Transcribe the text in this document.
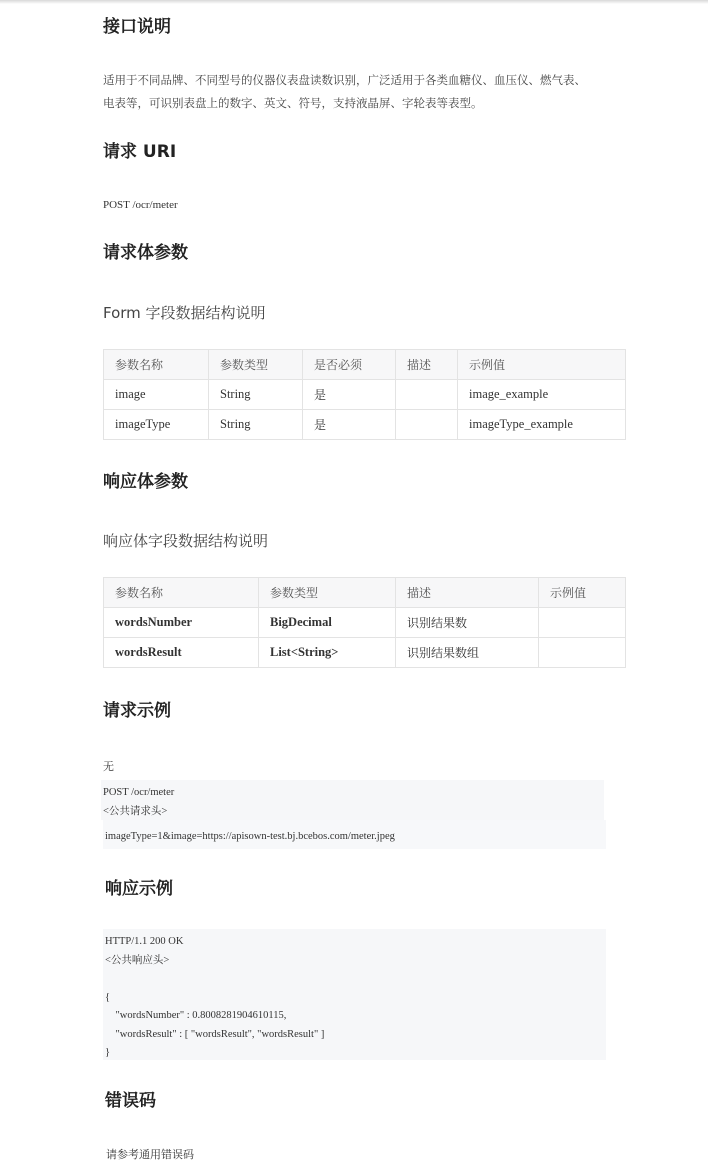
接口说明

适用于不同品牌、不同型号的仪器仪表盘读数识别，广泛适用于各类血糖仪、血压仪、燃气表、电表等，可识别表盘上的数字、英文、符号，支持液晶屏、字轮表等表型。

请求 URI
POST /ocr/meter
请求体参数
Form 字段数据结构说明
参数名称	参数类型	是否必须	描述	示例值
image	String	是		image_example
imageType	String	是		imageType_example
响应体参数
响应体字段数据结构说明
参数名称	参数类型	描述	示例值
wordsNumber	BigDecimal	识别结果数	
wordsResult	List<String>	识别结果数组	
请求示例
无
POST /ocr/meter
<公共请求头>
imageType=1&image=https://apisown-test.bj.bcebos.com/meter.jpeg
响应示例
HTTP/1.1 200 OK
<公共响应头>

{
"wordsNumber" : 0.8008281904610115,
"wordsResult" : [ "wordsResult", "wordsResult" ]
}
错误码
请参考通用错误码
